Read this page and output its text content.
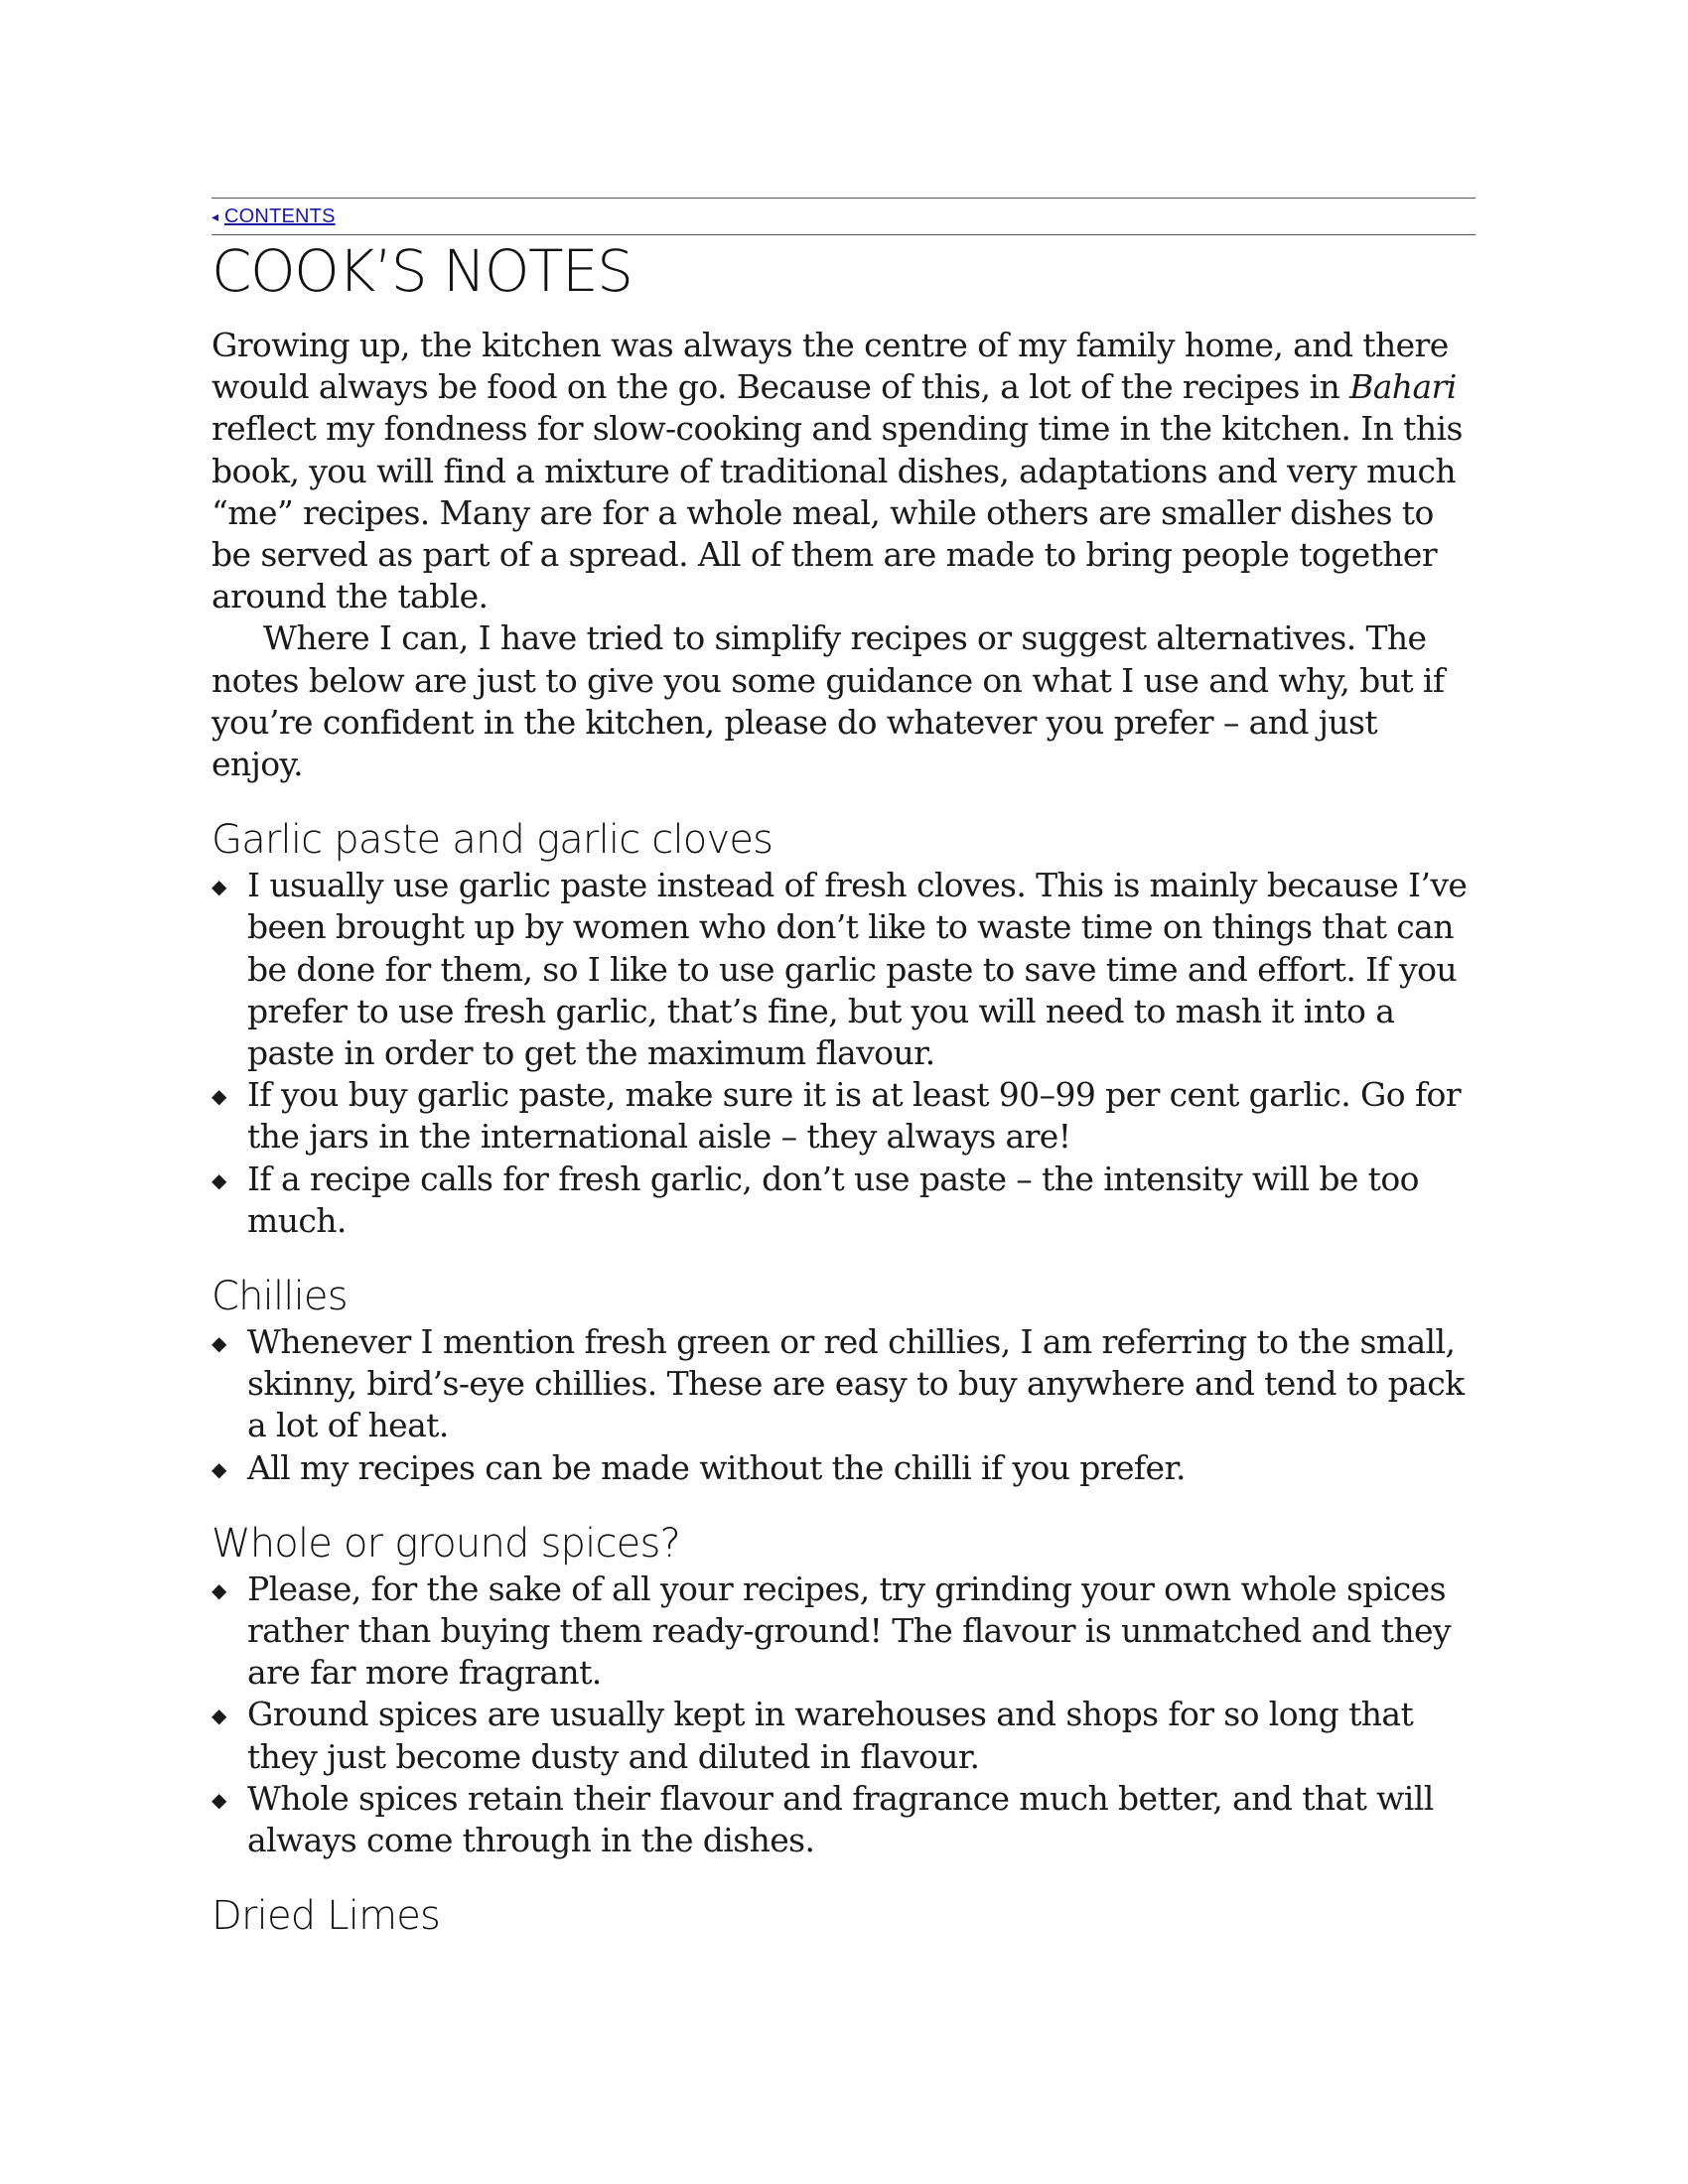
◂ CONTENTS
COOK’S NOTES

Growing up, the kitchen was always the centre of my family home, and there would always be food on the go. Because of this, a lot of the recipes in Bahari reflect my fondness for slow-cooking and spending time in the kitchen. In this book, you will find a mixture of traditional dishes, adaptations and very much “me” recipes. Many are for a whole meal, while others are smaller dishes to be served as part of a spread. All of them are made to bring people together around the table.

Where I can, I have tried to simplify recipes or suggest alternatives. The notes below are just to give you some guidance on what I use and why, but if you’re confident in the kitchen, please do whatever you prefer – and just enjoy.

Garlic paste and garlic cloves
◆ I usually use garlic paste instead of fresh cloves. This is mainly because I’ve been brought up by women who don’t like to waste time on things that can be done for them, so I like to use garlic paste to save time and effort. If you prefer to use fresh garlic, that’s fine, but you will need to mash it into a paste in order to get the maximum flavour.
◆ If you buy garlic paste, make sure it is at least 90–99 per cent garlic. Go for the jars in the international aisle – they always are!
◆ If a recipe calls for fresh garlic, don’t use paste – the intensity will be too much.
Chillies
◆ Whenever I mention fresh green or red chillies, I am referring to the small, skinny, bird’s-eye chillies. These are easy to buy anywhere and tend to pack a lot of heat.
◆ All my recipes can be made without the chilli if you prefer.
Whole or ground spices?
◆ Please, for the sake of all your recipes, try grinding your own whole spices rather than buying them ready-ground! The flavour is unmatched and they are far more fragrant.
◆ Ground spices are usually kept in warehouses and shops for so long that they just become dusty and diluted in flavour.
◆ Whole spices retain their flavour and fragrance much better, and that will always come through in the dishes.
Dried Limes
